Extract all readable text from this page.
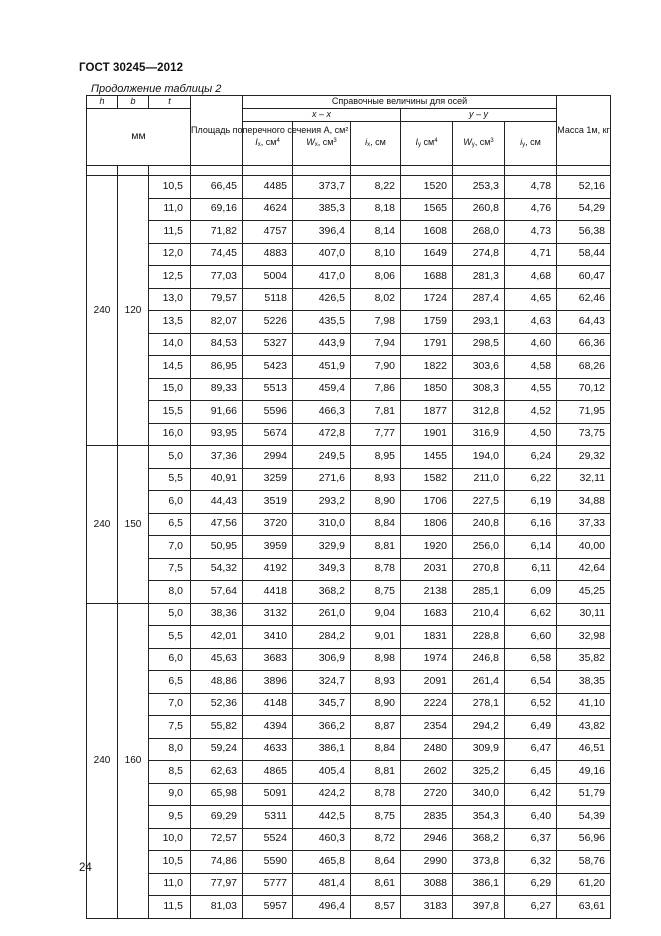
ГОСТ 30245—2012
Продолжение таблицы 2
h	b	t	Площадь поперечного сечения А, см²	Справочные величины для осей						Масса 1м, кг
мм				х – х			у – у			
				$I_x$, $см^4$	$W_x$, $см^3$	$i_x$, см	$I_y$ $см^4$	$W_y$, $см^3$	$i_y$, см	

240	120	10,5	66,45	4485	373,7	8,22	1520	253,3	4,78	52,16
		11,0	69,16	4624	385,3	8,18	1565	260,8	4,76	54,29
		11,5	71,82	4757	396,4	8,14	1608	268,0	4,73	56,38
		12,0	74,45	4883	407,0	8,10	1649	274,8	4,71	58,44
		12,5	77,03	5004	417,0	8,06	1688	281,3	4,68	60,47
		13,0	79,57	5118	426,5	8,02	1724	287,4	4,65	62,46
		13,5	82,07	5226	435,5	7,98	1759	293,1	4,63	64,43
		14,0	84,53	5327	443,9	7,94	1791	298,5	4,60	66,36
		14,5	86,95	5423	451,9	7,90	1822	303,6	4,58	68,26
		15,0	89,33	5513	459,4	7,86	1850	308,3	4,55	70,12
		15,5	91,66	5596	466,3	7,81	1877	312,8	4,52	71,95
		16,0	93,95	5674	472,8	7,77	1901	316,9	4,50	73,75
240	150	5,0	37,36	2994	249,5	8,95	1455	194,0	6,24	29,32
		5,5	40,91	3259	271,6	8,93	1582	211,0	6,22	32,11
		6,0	44,43	3519	293,2	8,90	1706	227,5	6,19	34,88
		6,5	47,56	3720	310,0	8,84	1806	240,8	6,16	37,33
		7,0	50,95	3959	329,9	8,81	1920	256,0	6,14	40,00
		7,5	54,32	4192	349,3	8,78	2031	270,8	6,11	42,64
		8,0	57,64	4418	368,2	8,75	2138	285,1	6,09	45,25
240	160	5,0	38,36	3132	261,0	9,04	1683	210,4	6,62	30,11
		5,5	42,01	3410	284,2	9,01	1831	228,8	6,60	32,98
		6,0	45,63	3683	306,9	8,98	1974	246,8	6,58	35,82
		6,5	48,86	3896	324,7	8,93	2091	261,4	6,54	38,35
		7,0	52,36	4148	345,7	8,90	2224	278,1	6,52	41,10
		7,5	55,82	4394	366,2	8,87	2354	294,2	6,49	43,82
		8,0	59,24	4633	386,1	8,84	2480	309,9	6,47	46,51
		8,5	62,63	4865	405,4	8,81	2602	325,2	6,45	49,16
		9,0	65,98	5091	424,2	8,78	2720	340,0	6,42	51,79
		9,5	69,29	5311	442,5	8,75	2835	354,3	6,40	54,39
		10,0	72,57	5524	460,3	8,72	2946	368,2	6,37	56,96
		10,5	74,86	5590	465,8	8,64	2990	373,8	6,32	58,76
		11,0	77,97	5777	481,4	8,61	3088	386,1	6,29	61,20
		11,5	81,03	5957	496,4	8,57	3183	397,8	6,27	63,61
24
